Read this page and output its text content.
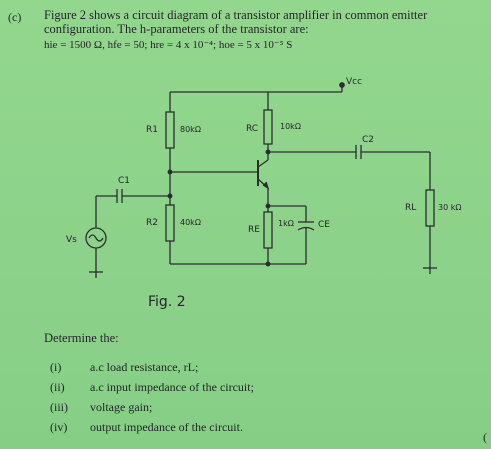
(c) Figure 2 shows a circuit diagram of a transistor amplifier in common emitter
configuration. The h-parameters of the transistor are:
hie = 1500 Ω, hfe = 50; hre = 4 x 10⁻⁴; hoe = 5 x 10⁻⁵ S
Vcc
R1	80kΩ	RC	10kΩ
C2
RL	30 kΩ
C1
Vs
R2	40kΩ
RE
1kΩ	CE
Fig. 2
Determine the:
(i)	a.c load resistance, rL;
(ii)	a.c input impedance of the circuit;
(iii)	voltage gain;
(iv)	output impedance of the circuit.
(
